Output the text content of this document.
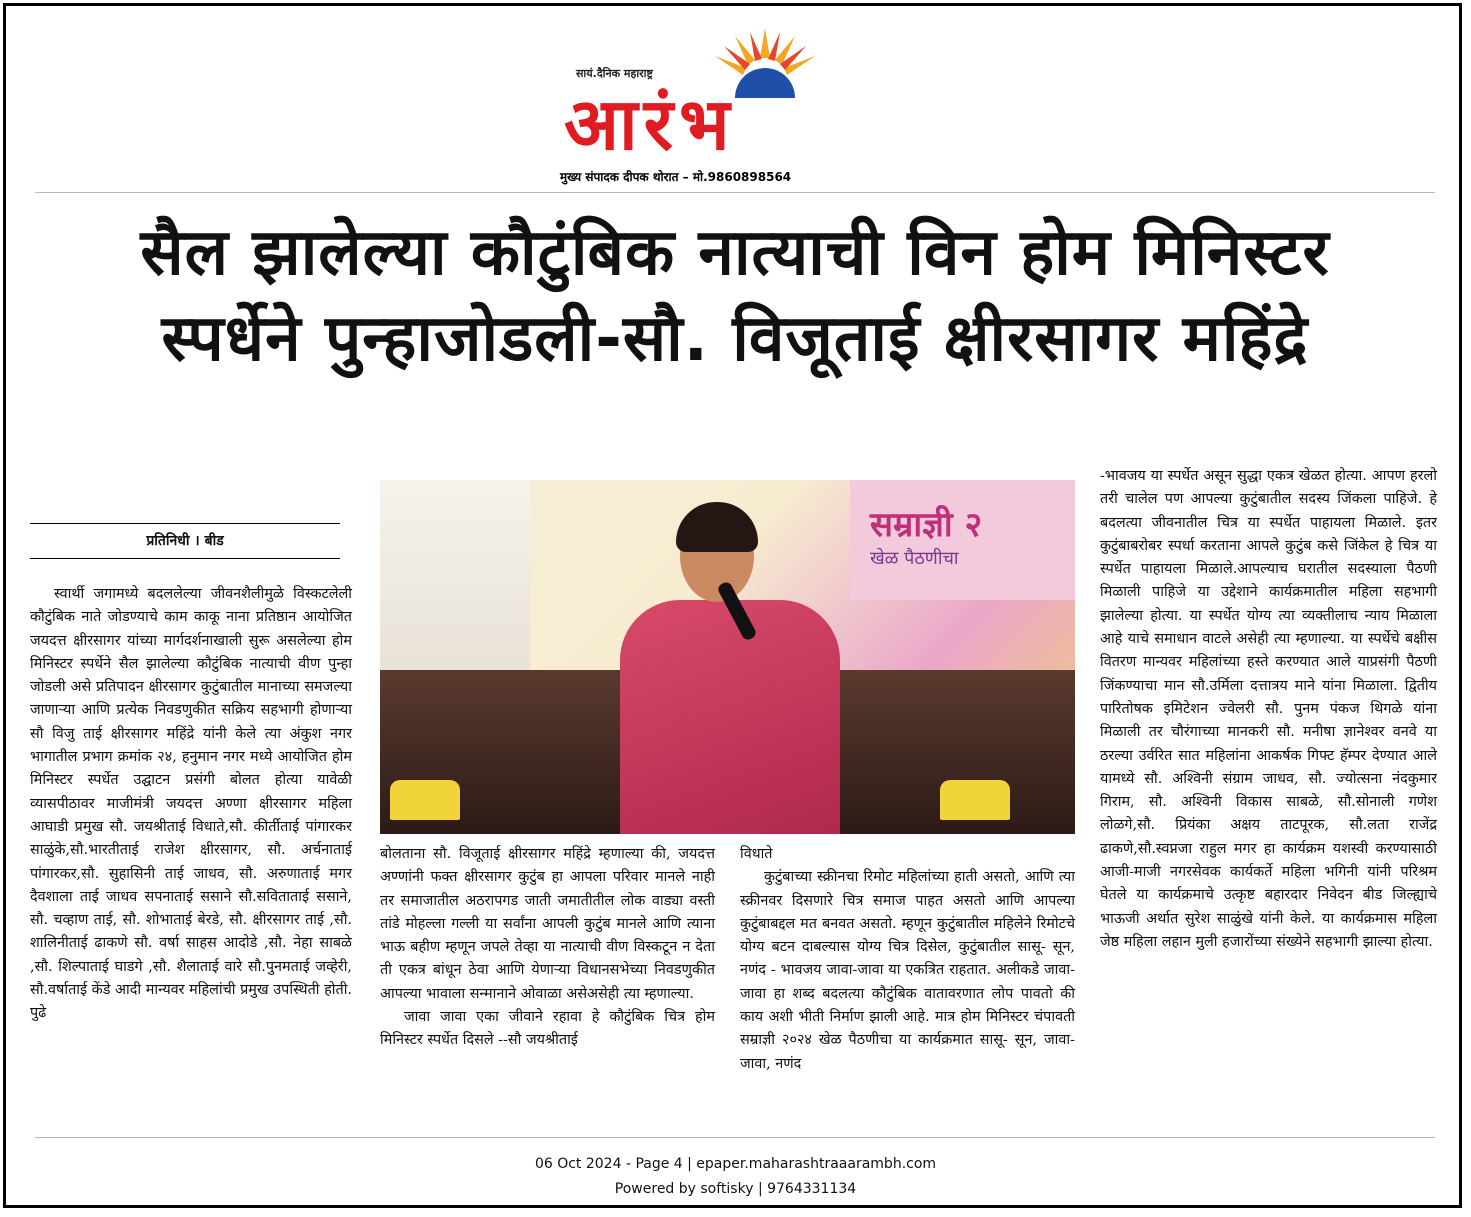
सायं.दैनिक महाराष्ट्र
आरंभ
मुख्य संपादक दीपक थोरात – मो.9860898564
सैल झालेल्या कौटुंबिक नात्याची विन होम मिनिस्टर
स्पर्धेने पुन्हाजोडली-सौ. विजूताई क्षीरसागर महिंद्रे
प्रतिनिधी । बीड

स्वार्थी जगामध्ये बदललेल्या जीवनशैलीमुळे विस्कटलेली कौटुंबिक नाते जोडण्याचे काम काकू नाना प्रतिष्ठान आयोजित जयदत्त क्षीरसागर यांच्या मार्गदर्शनाखाली सुरू असलेल्या होम मिनिस्टर स्पर्धेने सैल झालेल्या कौटुंबिक नात्याची वीण पुन्हा जोडली असे प्रतिपादन क्षीरसागर कुटुंबातील मानाच्या समजल्या जाणाऱ्या आणि प्रत्येक निवडणुकीत सक्रिय सहभागी होणाऱ्या सौ विजु ताई क्षीरसागर महिंद्रे यांनी केले त्या अंकुश नगर भागातील प्रभाग क्रमांक २४, हनुमान नगर मध्ये आयोजित होम मिनिस्टर स्पर्धेत उद्घाटन प्रसंगी बोलत होत्या यावेळी व्यासपीठावर माजीमंत्री जयदत्त अण्णा क्षीरसागर महिला आघाडी प्रमुख सौ. जयश्रीताई विधाते,सौ. कीर्तीताई पांगारकर साळुंके,सौ.भारतीताई राजेश क्षीरसागर, सौ. अर्चनाताई पांगारकर,सौ. सुहासिनी ताई जाधव, सौ. अरुणाताई मगर दैवशाला ताई जाधव सपनाताई ससाने सौ.सविताताई ससाने, सौ. चव्हाण ताई, सौ. शोभाताई बेरडे, सौ. क्षीरसागर ताई ,सौ. शालिनीताई ढाकणे सौ. वर्षा साहस आदोडे ,सौ. नेहा साबळे ,सौ. शिल्पाताई घाडगे ,सौ. शैलाताई वारे सौ.पुनमताई जव्हेरी, सौ.वर्षाताई केंडे आदी मान्यवर महिलांची प्रमुख उपस्थिती होती. पुढे

सम्राज्ञी २
खेळ पैठणीचा

बोलताना सौ. विजूताई क्षीरसागर महिंद्रे म्हणाल्या की, जयदत्त अण्णांनी फक्त क्षीरसागर कुटुंब हा आपला परिवार मानले नाही तर समाजातील अठरापगड जाती जमातीतील लोक वाड्या वस्ती तांडे मोहल्ला गल्ली या सर्वांना आपली कुटुंब मानले आणि त्याना भाऊ बहीण म्हणून जपले तेव्हा या नात्याची वीण विस्कटून न देता ती एकत्र बांधून ठेवा आणि येणाऱ्या विधानसभेच्या निवडणुकीत आपल्या भावाला सन्मानाने ओवाळा असेअसेही त्या म्हणाल्या.

जावा जावा एका जीवाने रहावा हे कौटुंबिक चित्र होम मिनिस्टर स्पर्धेत दिसले --सौ जयश्रीताई

विधाते

कुटुंबाच्या स्क्रीनचा रिमोट महिलांच्या हाती असतो, आणि त्या स्क्रीनवर दिसणारे चित्र समाज पाहत असतो आणि आपल्या कुटुंबाबद्दल मत बनवत असतो. म्हणून कुटुंबातील महिलेने रिमोटचे योग्य बटन दाबल्यास योग्य चित्र दिसेल, कुटुंबातील सासू- सून, नणंद - भावजय जावा-जावा या एकत्रित राहतात. अलीकडे जावा- जावा हा शब्द बदलत्या कौटुंबिक वातावरणात लोप पावतो की काय अशी भीती निर्माण झाली आहे. मात्र होम मिनिस्टर चंपावती सम्राज्ञी २०२४ खेळ पैठणीचा या कार्यक्रमात सासू- सून, जावा- जावा, नणंद

-भावजय या स्पर्धेत असून सुद्धा एकत्र खेळत होत्या. आपण हरलो तरी चालेल पण आपल्या कुटुंबातील सदस्य जिंकला पाहिजे. हे बदलत्या जीवनातील चित्र या स्पर्धेत पाहायला मिळाले. इतर कुटुंबाबरोबर स्पर्धा करताना आपले कुटुंब कसे जिंकेल हे चित्र या स्पर्धेत पाहायला मिळाले.आपल्याच घरातील सदस्याला पैठणी मिळाली पाहिजे या उद्देशाने कार्यक्रमातील महिला सहभागी झालेल्या होत्या. या स्पर्धेत योग्य त्या व्यक्तीलाच न्याय मिळाला आहे याचे समाधान वाटले असेही त्या म्हणाल्या. या स्पर्धेचे बक्षीस वितरण मान्यवर महिलांच्या हस्ते करण्यात आले याप्रसंगी पैठणी जिंकण्याचा मान सौ.उर्मिला दत्तात्रय माने यांना मिळाला. द्वितीय पारितोषक इमिटेशन ज्वेलरी सौ. पुनम पंकज थिगळे यांना मिळाली तर चौरंगाच्या मानकरी सौ. मनीषा ज्ञानेश्वर वनवे या ठरल्या उर्वरित सात महिलांना आकर्षक गिफ्ट हॅम्पर देण्यात आले यामध्ये सौ. अश्विनी संग्राम जाधव, सौ. ज्योत्सना नंदकुमार गिराम, सौ. अश्विनी विकास साबळे, सौ.सोनाली गणेश लोळगे,सौ. प्रियंका अक्षय ताटपूरक, सौ.लता राजेंद्र ढाकणे,सौ.स्वप्नजा राहुल मगर हा कार्यक्रम यशस्वी करण्यासाठी आजी-माजी नगरसेवक कार्यकर्ते महिला भगिनी यांनी परिश्रम घेतले या कार्यक्रमाचे उत्कृष्ट बहारदार निवेदन बीड जिल्ह्याचे भाऊजी अर्थात सुरेश साळुंखे यांनी केले. या कार्यक्रमास महिला जेष्ठ महिला लहान मुली हजारोंच्या संख्येने सहभागी झाल्या होत्या.

06 Oct 2024 - Page 4 | epaper.maharashtraaarambh.com
Powered by softisky | 9764331134
